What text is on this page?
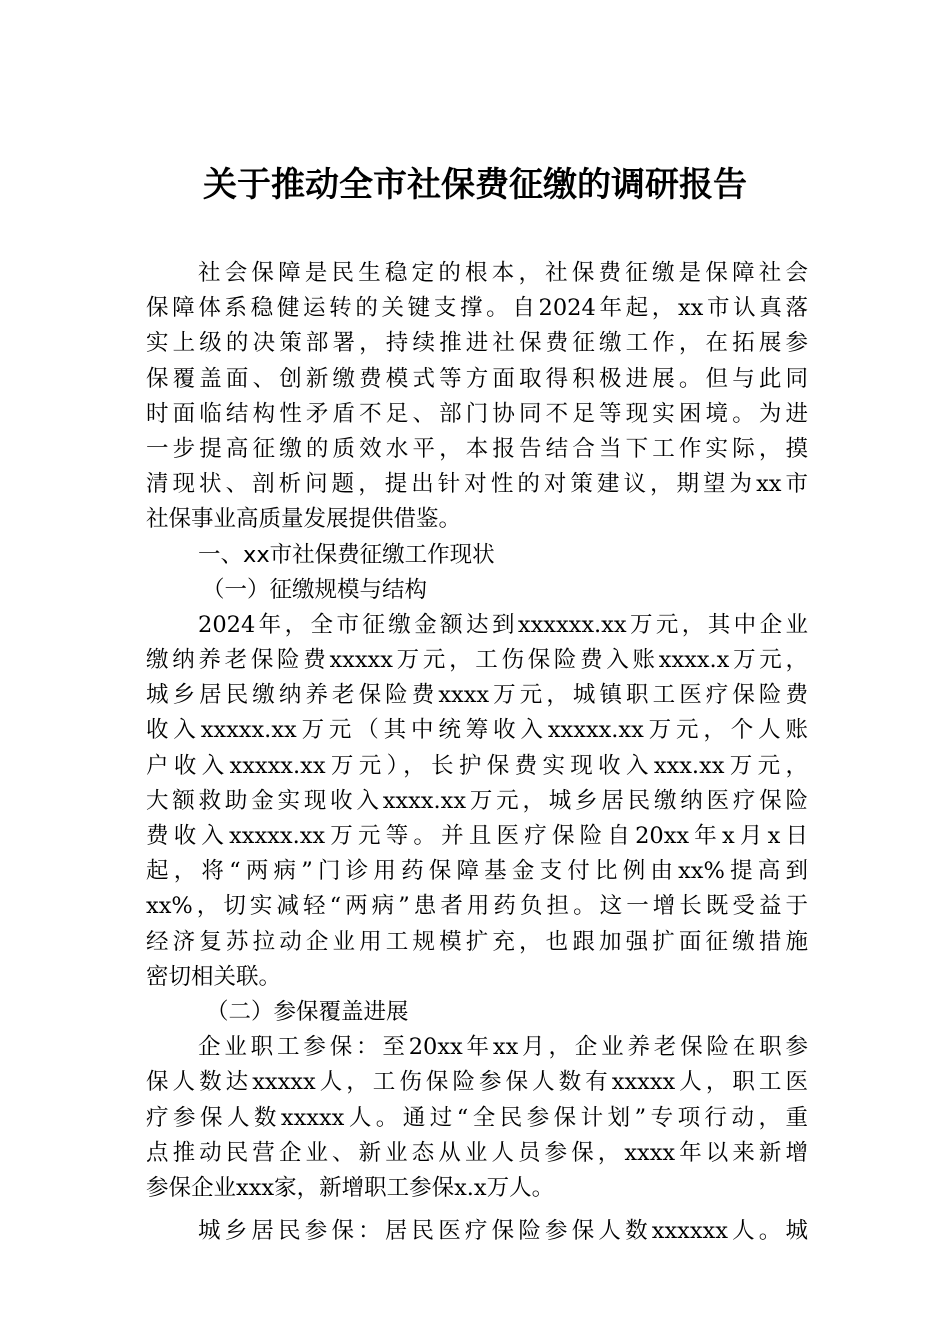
关于推动全市社保费征缴的调研报告
社会保障是民生稳定的根本，社保费征缴是保障社会
保障体系稳健运转的关键支撑。自2024年起，xx市认真落
实上级的决策部署，持续推进社保费征缴工作，在拓展参
保覆盖面、创新缴费模式等方面取得积极进展。但与此同
时面临结构性矛盾不足、部门协同不足等现实困境。为进
一步提高征缴的质效水平，本报告结合当下工作实际，摸
清现状、剖析问题，提出针对性的对策建议，期望为xx市
社保事业高质量发展提供借鉴。
一、xx市社保费征缴工作现状
（一）征缴规模与结构
2024年，全市征缴金额达到xxxxxx.xx万元，其中企业
缴纳养老保险费xxxxx万元，工伤保险费入账xxxx.x万元，
城乡居民缴纳养老保险费xxxx万元，城镇职工医疗保险费
收入xxxxx.xx万元（其中统筹收入xxxxx.xx万元，个人账
户收入xxxxx.xx万元），长护保费实现收入xxx.xx万元，
大额救助金实现收入xxxx.xx万元，城乡居民缴纳医疗保险
费收入xxxxx.xx万元等。并且医疗保险自20xx年x月x日
起，将“两病”门诊用药保障基金支付比例由xx%提高到
xx%，切实减轻“两病”患者用药负担。这一增长既受益于
经济复苏拉动企业用工规模扩充，也跟加强扩面征缴措施
密切相关联。
（二）参保覆盖进展
企业职工参保：至20xx年xx月，企业养老保险在职参
保人数达xxxxx人，工伤保险参保人数有xxxxx人，职工医
疗参保人数xxxxx人。通过“全民参保计划”专项行动，重
点推动民营企业、新业态从业人员参保，xxxx年以来新增
参保企业xxx家，新增职工参保x.x万人。
城乡居民参保：居民医疗保险参保人数xxxxxx人。城
